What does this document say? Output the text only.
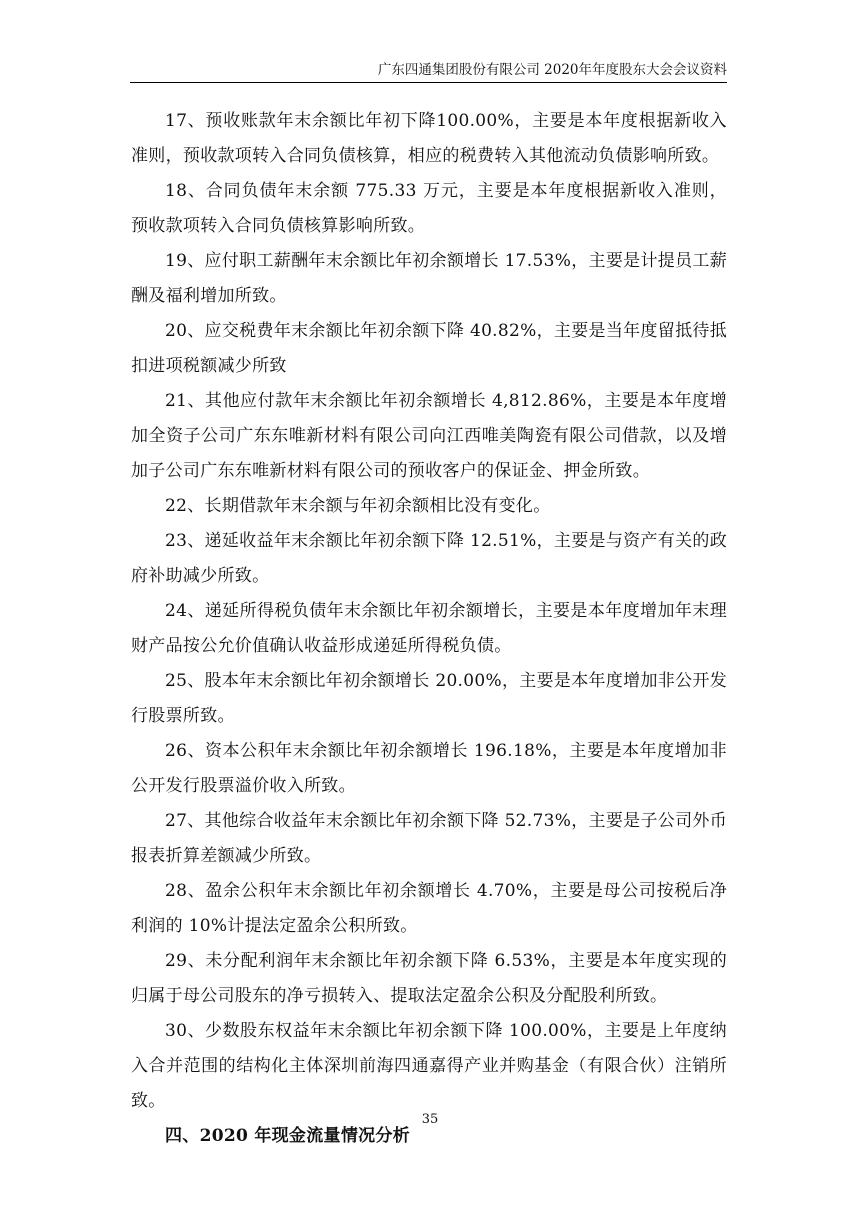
广东四通集团股份有限公司 2020年年度股东大会会议资料

17、预收账款年末余额比年初下降100.00%，主要是本年度根据新收入准则，预收款项转入合同负债核算，相应的税费转入其他流动负债影响所致。

18、合同负债年末余额 775.33 万元，主要是本年度根据新收入准则，预收款项转入合同负债核算影响所致。

19、应付职工薪酬年末余额比年初余额增长 17.53%，主要是计提员工薪酬及福利增加所致。

20、应交税费年末余额比年初余额下降 40.82%，主要是当年度留抵待抵扣进项税额减少所致

21、其他应付款年末余额比年初余额增长 4,812.86%，主要是本年度增加全资子公司广东东唯新材料有限公司向江西唯美陶瓷有限公司借款，以及增加子公司广东东唯新材料有限公司的预收客户的保证金、押金所致。

22、长期借款年末余额与年初余额相比没有变化。

23、递延收益年末余额比年初余额下降 12.51%，主要是与资产有关的政府补助减少所致。

24、递延所得税负债年末余额比年初余额增长，主要是本年度增加年末理财产品按公允价值确认收益形成递延所得税负债。

25、股本年末余额比年初余额增长 20.00%，主要是本年度增加非公开发行股票所致。

26、资本公积年末余额比年初余额增长 196.18%，主要是本年度增加非公开发行股票溢价收入所致。

27、其他综合收益年末余额比年初余额下降 52.73%，主要是子公司外币报表折算差额减少所致。

28、盈余公积年末余额比年初余额增长 4.70%，主要是母公司按税后净利润的 10%计提法定盈余公积所致。

29、未分配利润年末余额比年初余额下降 6.53%，主要是本年度实现的归属于母公司股东的净亏损转入、提取法定盈余公积及分配股利所致。

30、少数股东权益年末余额比年初余额下降 100.00%，主要是上年度纳入合并范围的结构化主体深圳前海四通嘉得产业并购基金（有限合伙）注销所致。

四、2020 年现金流量情况分析

35
